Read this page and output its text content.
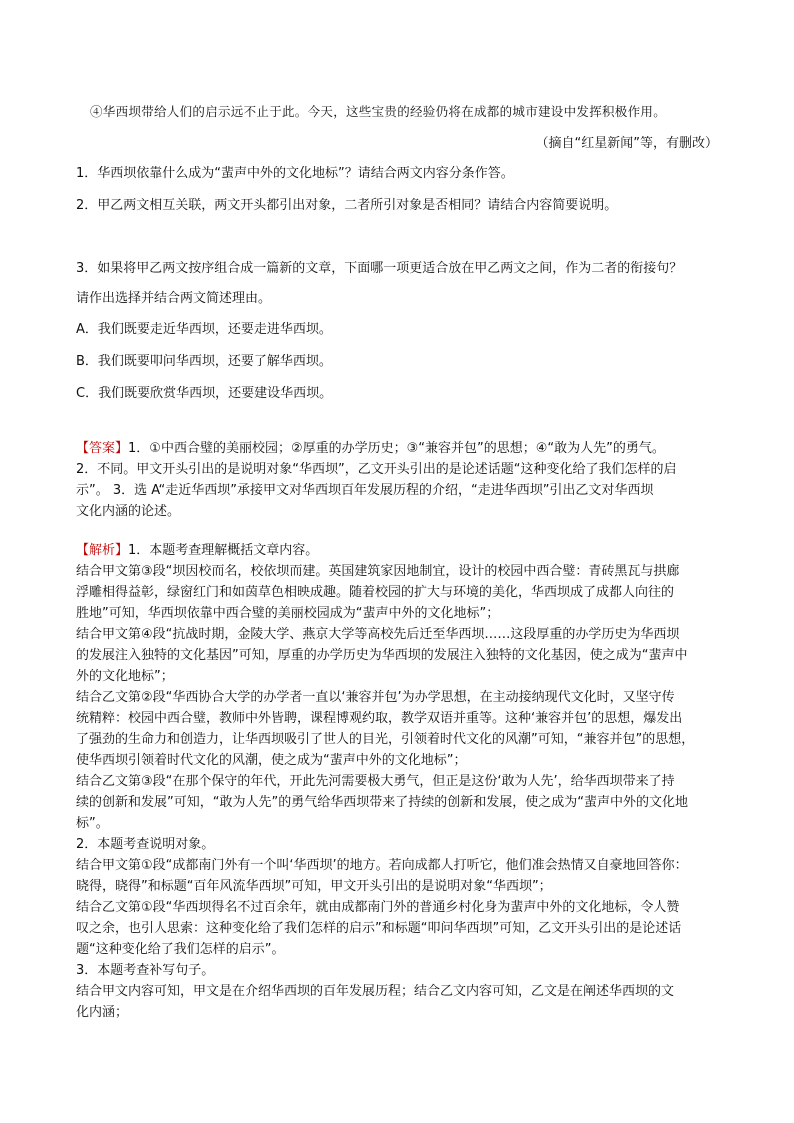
④华西坝带给人们的启示远不止于此。今天，这些宝贵的经验仍将在成都的城市建设中发挥积极作用。
（摘自“红星新闻”等，有删改）
1．华西坝依靠什么成为“蜚声中外的文化地标”？请结合两文内容分条作答。
2．甲乙两文相互关联，两文开头都引出对象，二者所引对象是否相同？请结合内容简要说明。
3．如果将甲乙两文按序组合成一篇新的文章，下面哪一项更适合放在甲乙两文之间，作为二者的衔接句？
请作出选择并结合两文简述理由。
A．我们既要走近华西坝，还要走进华西坝。
B．我们既要叩问华西坝，还要了解华西坝。
C．我们既要欣赏华西坝，还要建设华西坝。
【答案】1．①中西合璧的美丽校园；②厚重的办学历史；③“兼容并包”的思想；④“敢为人先”的勇气。
2．不同。甲文开头引出的是说明对象“华西坝”，乙文开头引出的是论述话题“这种变化给了我们怎样的启
示”。 3．选 A“走近华西坝”承接甲文对华西坝百年发展历程的介绍，“走进华西坝”引出乙文对华西坝
文化内涵的论述。
【解析】1．本题考查理解概括文章内容。
结合甲文第③段“坝因校而名，校依坝而建。英国建筑家因地制宜，设计的校园中西合璧：青砖黑瓦与拱廊
浮雕相得益彰，绿窗红门和如茵草色相映成趣。随着校园的扩大与环境的美化，华西坝成了成都人向往的
胜地”可知，华西坝依靠中西合璧的美丽校园成为“蜚声中外的文化地标”；
结合甲文第④段“抗战时期，金陵大学、燕京大学等高校先后迁至华西坝……这段厚重的办学历史为华西坝
的发展注入独特的文化基因”可知，厚重的办学历史为华西坝的发展注入独特的文化基因，使之成为“蜚声中
外的文化地标”；
结合乙文第②段“华西协合大学的办学者一直以‘兼容并包’为办学思想，在主动接纳现代文化时，又坚守传
统精粹：校园中西合璧，教师中外皆聘，课程博观约取，教学双语并重等。这种‘兼容并包’的思想，爆发出
了强劲的生命力和创造力，让华西坝吸引了世人的目光，引领着时代文化的风潮”可知，“兼容并包”的思想，
使华西坝引领着时代文化的风潮，使之成为“蜚声中外的文化地标”；
结合乙文第③段“在那个保守的年代，开此先河需要极大勇气，但正是这份‘敢为人先’，给华西坝带来了持
续的创新和发展”可知，“敢为人先”的勇气给华西坝带来了持续的创新和发展，使之成为“蜚声中外的文化地
标”。
2．本题考查说明对象。
结合甲文第①段“成都南门外有一个叫‘华西坝’的地方。若向成都人打听它，他们准会热情又自豪地回答你：
晓得，晓得”和标题“百年风流华西坝”可知，甲文开头引出的是说明对象“华西坝”；
结合乙文第①段“华西坝得名不过百余年，就由成都南门外的普通乡村化身为蜚声中外的文化地标，令人赞
叹之余，也引人思索：这种变化给了我们怎样的启示”和标题“叩问华西坝”可知，乙文开头引出的是论述话
题“这种变化给了我们怎样的启示”。
3．本题考查补写句子。
结合甲文内容可知，甲文是在介绍华西坝的百年发展历程；结合乙文内容可知，乙文是在阐述华西坝的文
化内涵；
